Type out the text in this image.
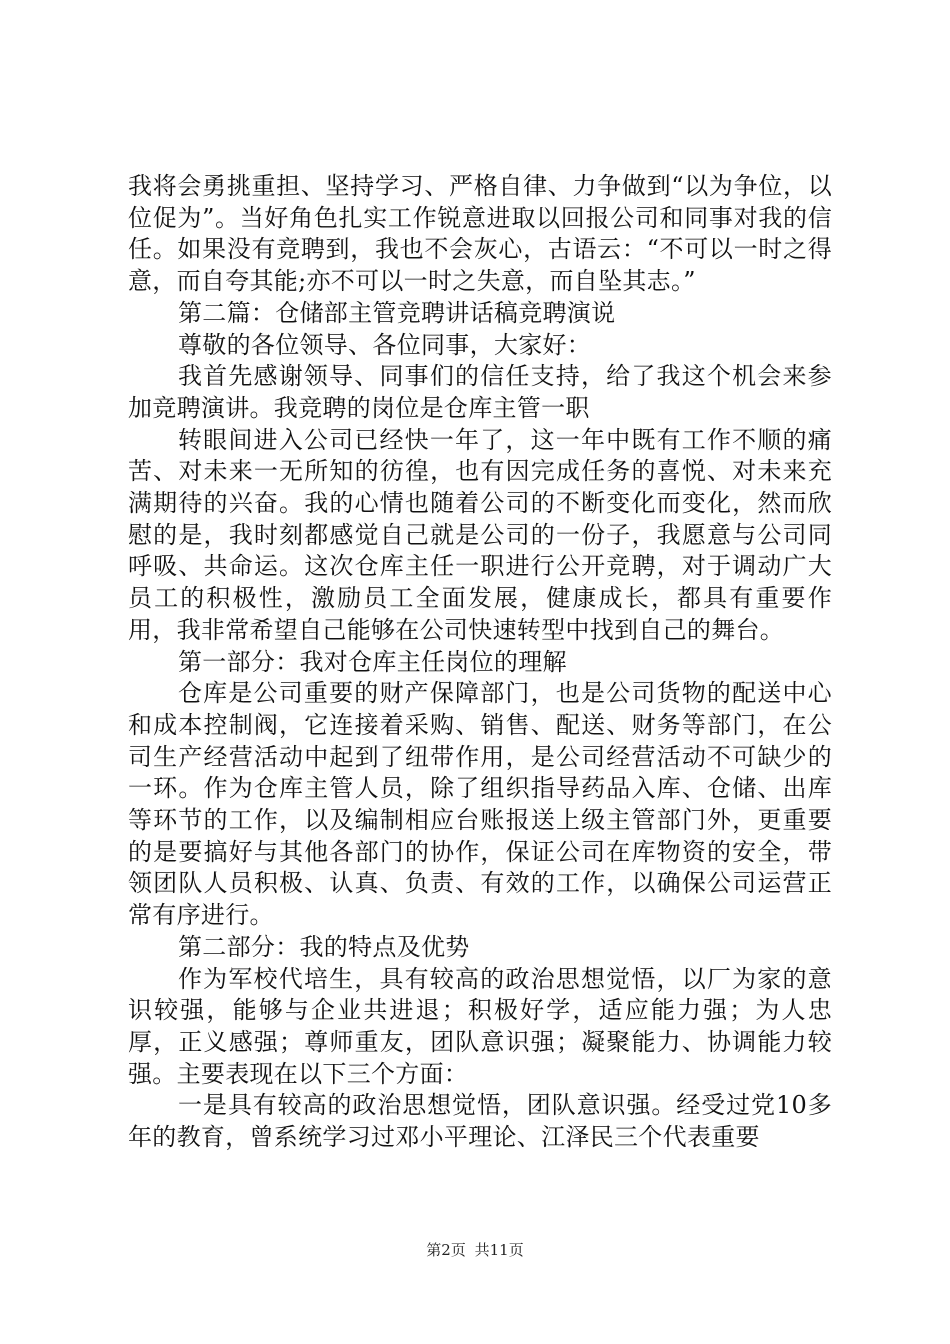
我将会勇挑重担、坚持学习、严格自律、力争做到“以为争位，以位促为”。当好角色扎实工作锐意进取以回报公司和同事对我的信任。如果没有竞聘到，我也不会灰心，古语云：“不可以一时之得意，而自夸其能;亦不可以一时之失意，而自坠其志。”

第二篇：仓储部主管竞聘讲话稿竞聘演说

尊敬的各位领导、各位同事，大家好：

我首先感谢领导、同事们的信任支持，给了我这个机会来参加竞聘演讲。我竞聘的岗位是仓库主管一职

转眼间进入公司已经快一年了，这一年中既有工作不顺的痛苦、对未来一无所知的彷徨，也有因完成任务的喜悦、对未来充满期待的兴奋。我的心情也随着公司的不断变化而变化，然而欣慰的是，我时刻都感觉自己就是公司的一份子，我愿意与公司同呼吸、共命运。这次仓库主任一职进行公开竞聘，对于调动广大员工的积极性，激励员工全面发展，健康成长，都具有重要作用，我非常希望自己能够在公司快速转型中找到自己的舞台。

第一部分：我对仓库主任岗位的理解

仓库是公司重要的财产保障部门，也是公司货物的配送中心和成本控制阀，它连接着采购、销售、配送、财务等部门，在公司生产经营活动中起到了纽带作用，是公司经营活动不可缺少的一环。作为仓库主管人员，除了组织指导药品入库、仓储、出库等环节的工作，以及编制相应台账报送上级主管部门外，更重要的是要搞好与其他各部门的协作，保证公司在库物资的安全，带领团队人员积极、认真、负责、有效的工作，以确保公司运营正常有序进行。

第二部分：我的特点及优势

作为军校代培生，具有较高的政治思想觉悟，以厂为家的意识较强，能够与企业共进退；积极好学，适应能力强；为人忠厚，正义感强；尊师重友，团队意识强；凝聚能力、协调能力较强。主要表现在以下三个方面：

一是具有较高的政治思想觉悟，团队意识强。经受过党10多年的教育，曾系统学习过邓小平理论、江泽民三个代表重要

第2页 共11页
